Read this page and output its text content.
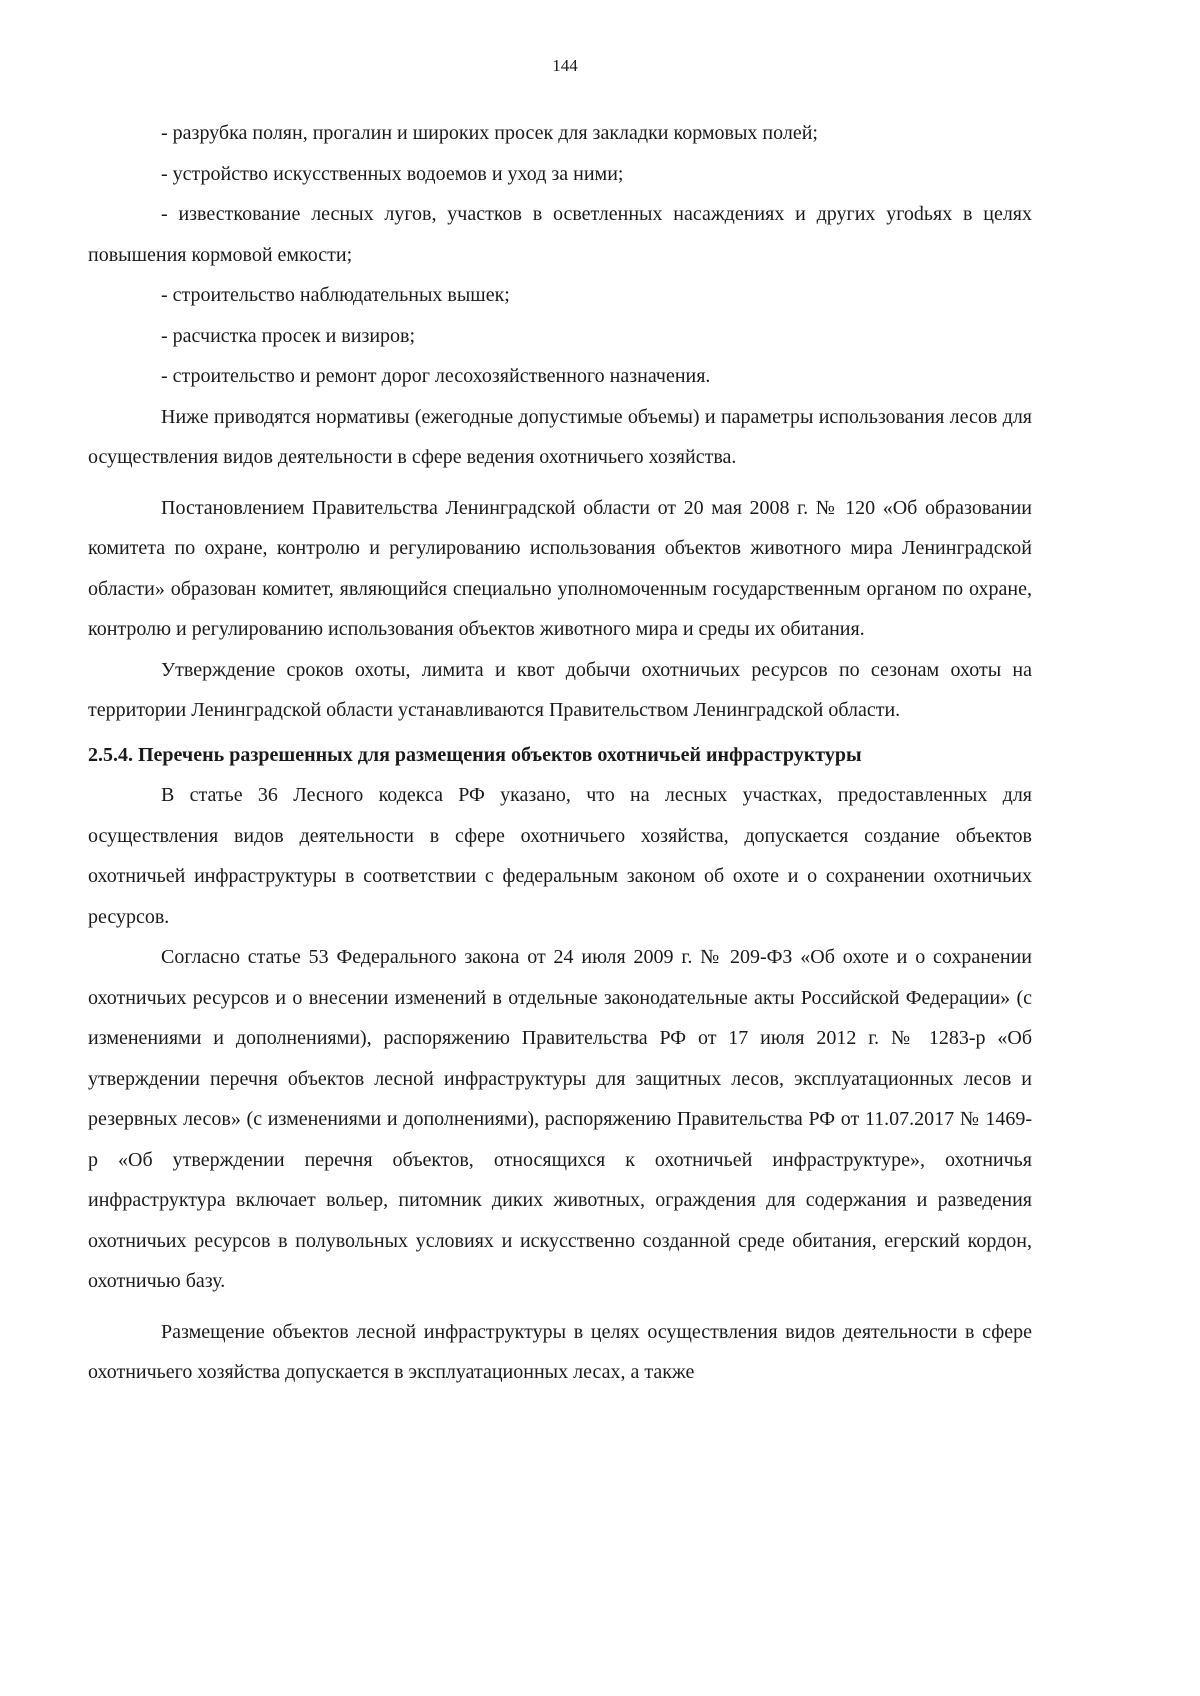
144

- разрубка полян, прогалин и широких просек для закладки кормовых полей;

- устройство искусственных водоемов и уход за ними;

- известкование лесных лугов, участков в осветленных насаждениях и других угоdьях в целях повышения кормовой емкости;

- строительство наблюдательных вышек;

- расчистка просек и визиров;

- строительство и ремонт дорог лесохозяйственного назначения.

Ниже приводятся нормативы (ежегодные допустимые объемы) и параметры использования лесов для осуществления видов деятельности в сфере ведения охотничьего хозяйства.

Постановлением Правительства Ленинградской области от 20 мая 2008 г. № 120 «Об образовании комитета по охране, контролю и регулированию использования объектов животного мира Ленинградской области» образован комитет, являющийся специально уполномоченным государственным органом по охране, контролю и регулированию использования объектов животного мира и среды их обитания.

Утверждение сроков охоты, лимита и квот добычи охотничьих ресурсов по сезонам охоты на территории Ленинградской области устанавливаются Правительством Ленинградской области.

2.5.4. Перечень разрешенных для размещения объектов охотничьей инфраструктуры

В статье 36 Лесного кодекса РФ указано, что на лесных участках, предоставленных для осуществления видов деятельности в сфере охотничьего хозяйства, допускается создание объектов охотничьей инфраструктуры в соответствии с федеральным законом об охоте и о сохранении охотничьих ресурсов.

Согласно статье 53 Федерального закона от 24 июля 2009 г. № 209-ФЗ «Об охоте и о сохранении охотничьих ресурсов и о внесении изменений в отдельные законодательные акты Российской Федерации» (с изменениями и дополнениями), распоряжению Правительства РФ от 17 июля 2012 г. № 1283-р «Об утверждении перечня объектов лесной инфраструктуры для защитных лесов, эксплуатационных лесов и резервных лесов» (с изменениями и дополнениями), распоряжению Правительства РФ от 11.07.2017 № 1469-р «Об утверждении перечня объектов, относящихся к охотничьей инфраструктуре», охотничья инфраструктура включает вольер, питомник диких животных, ограждения для содержания и разведения охотничьих ресурсов в полувольных условиях и искусственно созданной среде обитания, егерский кордон, охотничью базу.

Размещение объектов лесной инфраструктуры в целях осуществления видов деятельности в сфере охотничьего хозяйства допускается в эксплуатационных лесах, а также
